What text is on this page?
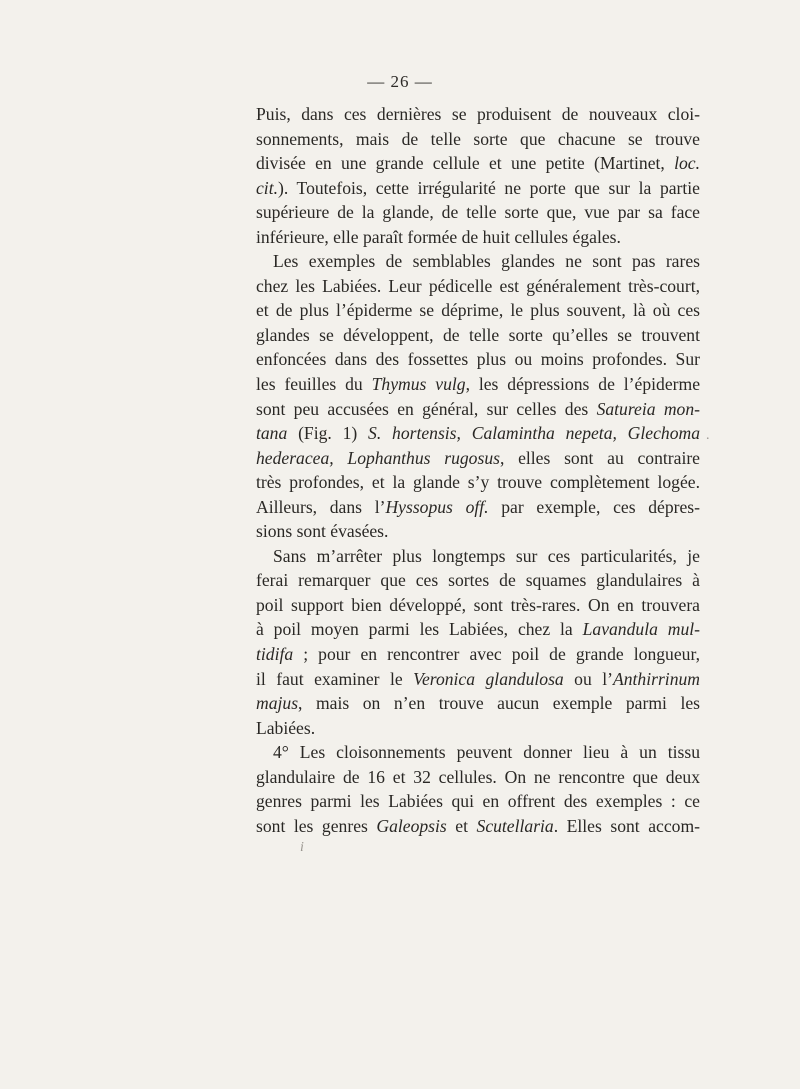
— 26 —
Puis, dans ces dernières se produisent de nouveaux cloi-
sonnements, mais de telle sorte que chacune se trouve
divisée en une grande cellule et une petite (Martinet, loc.
cit.). Toutefois, cette irrégularité ne porte que sur la partie
supérieure de la glande, de telle sorte que, vue par sa face
inférieure, elle paraît formée de huit cellules égales.
Les exemples de semblables glandes ne sont pas rares
chez les Labiées. Leur pédicelle est généralement très-court,
et de plus l’épiderme se déprime, le plus souvent, là où ces
glandes se développent, de telle sorte qu’elles se trouvent
enfoncées dans des fossettes plus ou moins profondes. Sur
les feuilles du Thymus vulg, les dépressions de l’épiderme
sont peu accusées en général, sur celles des Satureia mon-
tana (Fig. 1) S. hortensis, Calamintha nepeta, Glechoma
hederacea, Lophanthus rugosus, elles sont au contraire
très profondes, et la glande s’y trouve complètement logée.
Ailleurs, dans l’Hyssopus off. par exemple, ces dépres-
sions sont évasées.
Sans m’arrêter plus longtemps sur ces particularités, je
ferai remarquer que ces sortes de squames glandulaires à
poil support bien développé, sont très-rares. On en trouvera
à poil moyen parmi les Labiées, chez la Lavandula mul-
tidifa ; pour en rencontrer avec poil de grande longueur,
il faut examiner le Veronica glandulosa ou l’Anthirrinum
majus, mais on n’en trouve aucun exemple parmi les
Labiées.
4° Les cloisonnements peuvent donner lieu à un tissu
glandulaire de 16 et 32 cellules. On ne rencontre que deux
genres parmi les Labiées qui en offrent des exemples : ce
sont les genres Galeopsis et Scutellaria. Elles sont accom-
.
i
